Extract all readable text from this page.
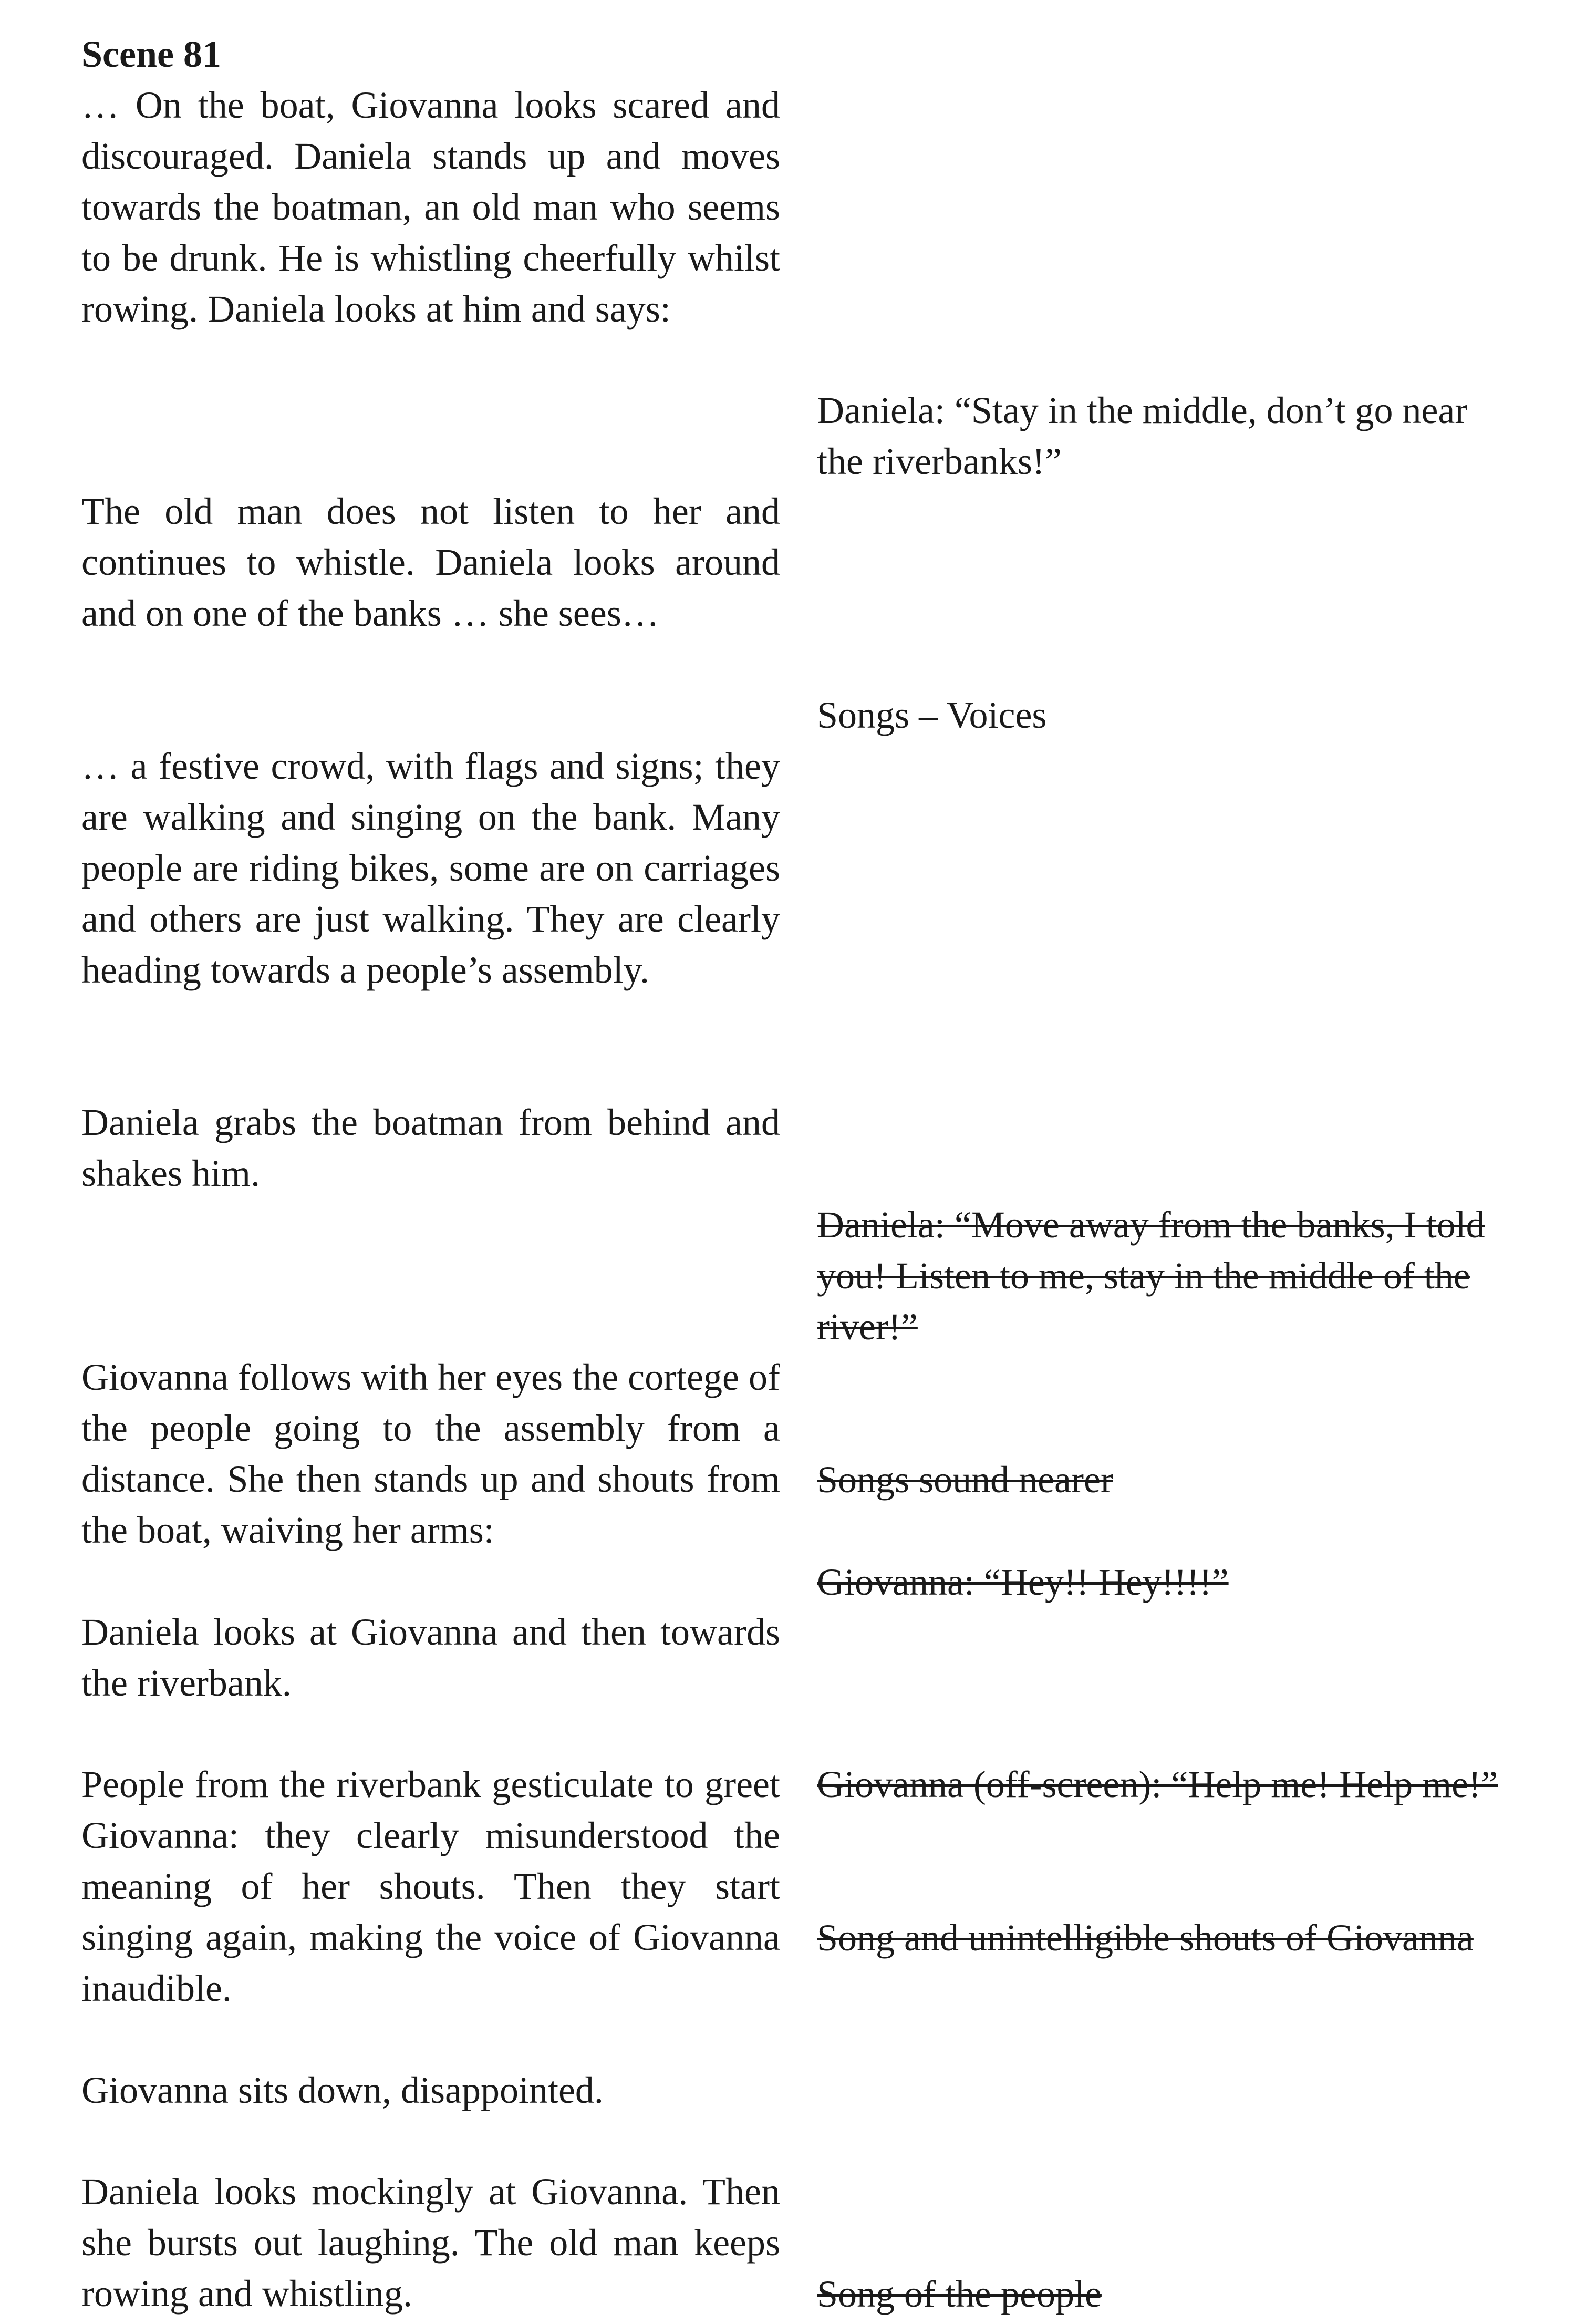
Scene 81

… On the boat, Giovanna looks scared and discouraged. Daniela stands up and moves towards the boatman, an old man who seems to be drunk. He is whistling cheerfully whilst rowing. Daniela looks at him and says:

The old man does not listen to her and continues to whistle. Daniela looks around and on one of the banks … she sees…

… a festive crowd, with flags and signs; they are walking and singing on the bank. Many people are riding bikes, some are on carriages and others are just walking. They are clearly heading towards a people’s assembly.

Daniela grabs the boatman from behind and shakes him.

Giovanna follows with her eyes the cortege of the people going to the assembly from a distance. She then stands up and shouts from the boat, waiving her arms:

Daniela looks at Giovanna and then towards the riverbank.

People from the riverbank gesticulate to greet Giovanna: they clearly misunderstood the meaning of her shouts. Then they start singing again, making the voice of Giovanna inaudible.

Giovanna sits down, disappointed.

Daniela looks mockingly at Giovanna. Then she bursts out laughing. The old man keeps rowing and whistling.

Daniela: “Stay in the middle, don’t go near the riverbanks!”

Songs – Voices

Daniela: “Move away from the banks, I told you! Listen to me, stay in the middle of the river!”

Songs sound nearer

Giovanna: “Hey!! Hey!!!!”

Giovanna (off-screen): “Help me! Help me!”

Song and unintelligible shouts of Giovanna

Song of the people
